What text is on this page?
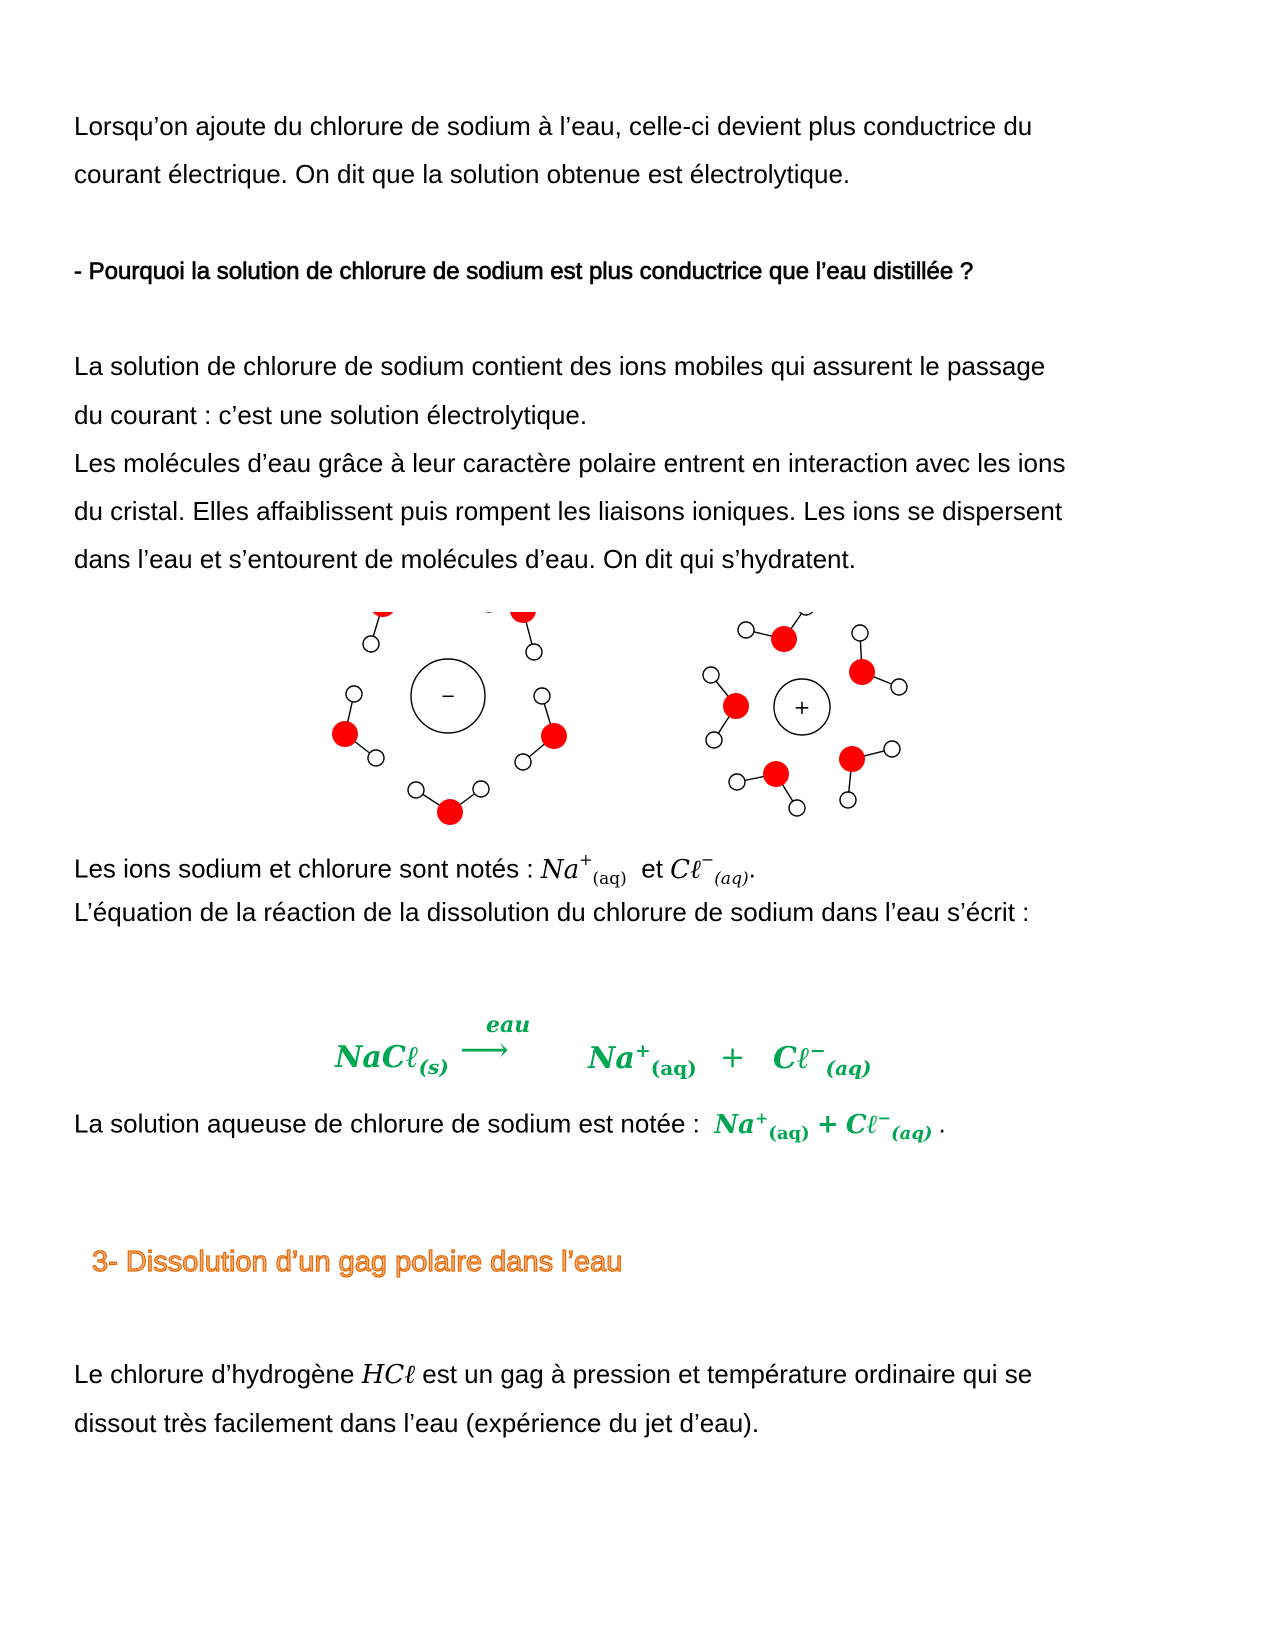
Lorsqu’on ajoute du chlorure de sodium à l’eau, celle-ci devient plus conductrice du

courant électrique. On dit que la solution obtenue est électrolytique.

- Pourquoi la solution de chlorure de sodium est plus conductrice que l’eau distillée ?

La solution de chlorure de sodium contient des ions mobiles qui assurent le passage

du courant : c’est une solution électrolytique.

Les molécules d’eau grâce à leur caractère polaire entrent en interaction avec les ions

du cristal. Elles affaiblissent puis rompent les liaisons ioniques. Les ions se dispersent

dans l’eau et s’entourent de molécules d’eau. On dit qui s’hydratent.

−	+

Les ions sodium et chlorure sont notés : $Na^+_{(aq)}$ et Cℓ−$_{(aq)}$.

L’équation de la réaction de la dissolution du chlorure de sodium dans l’eau s’écrit :

NaCℓ$_{(s)}$
eau
⟶	$Na^+_{(aq)}$ + Cℓ−$_{(aq)}$

La solution aqueuse de chlorure de sodium est notée : $Na^+_{(aq)}$ + Cℓ−$_{(aq)}$ .

3- Dissolution d’un gag polaire dans l’eau

Le chlorure d’hydrogène HCℓ est un gag à pression et température ordinaire qui se

dissout très facilement dans l’eau (expérience du jet d’eau).
